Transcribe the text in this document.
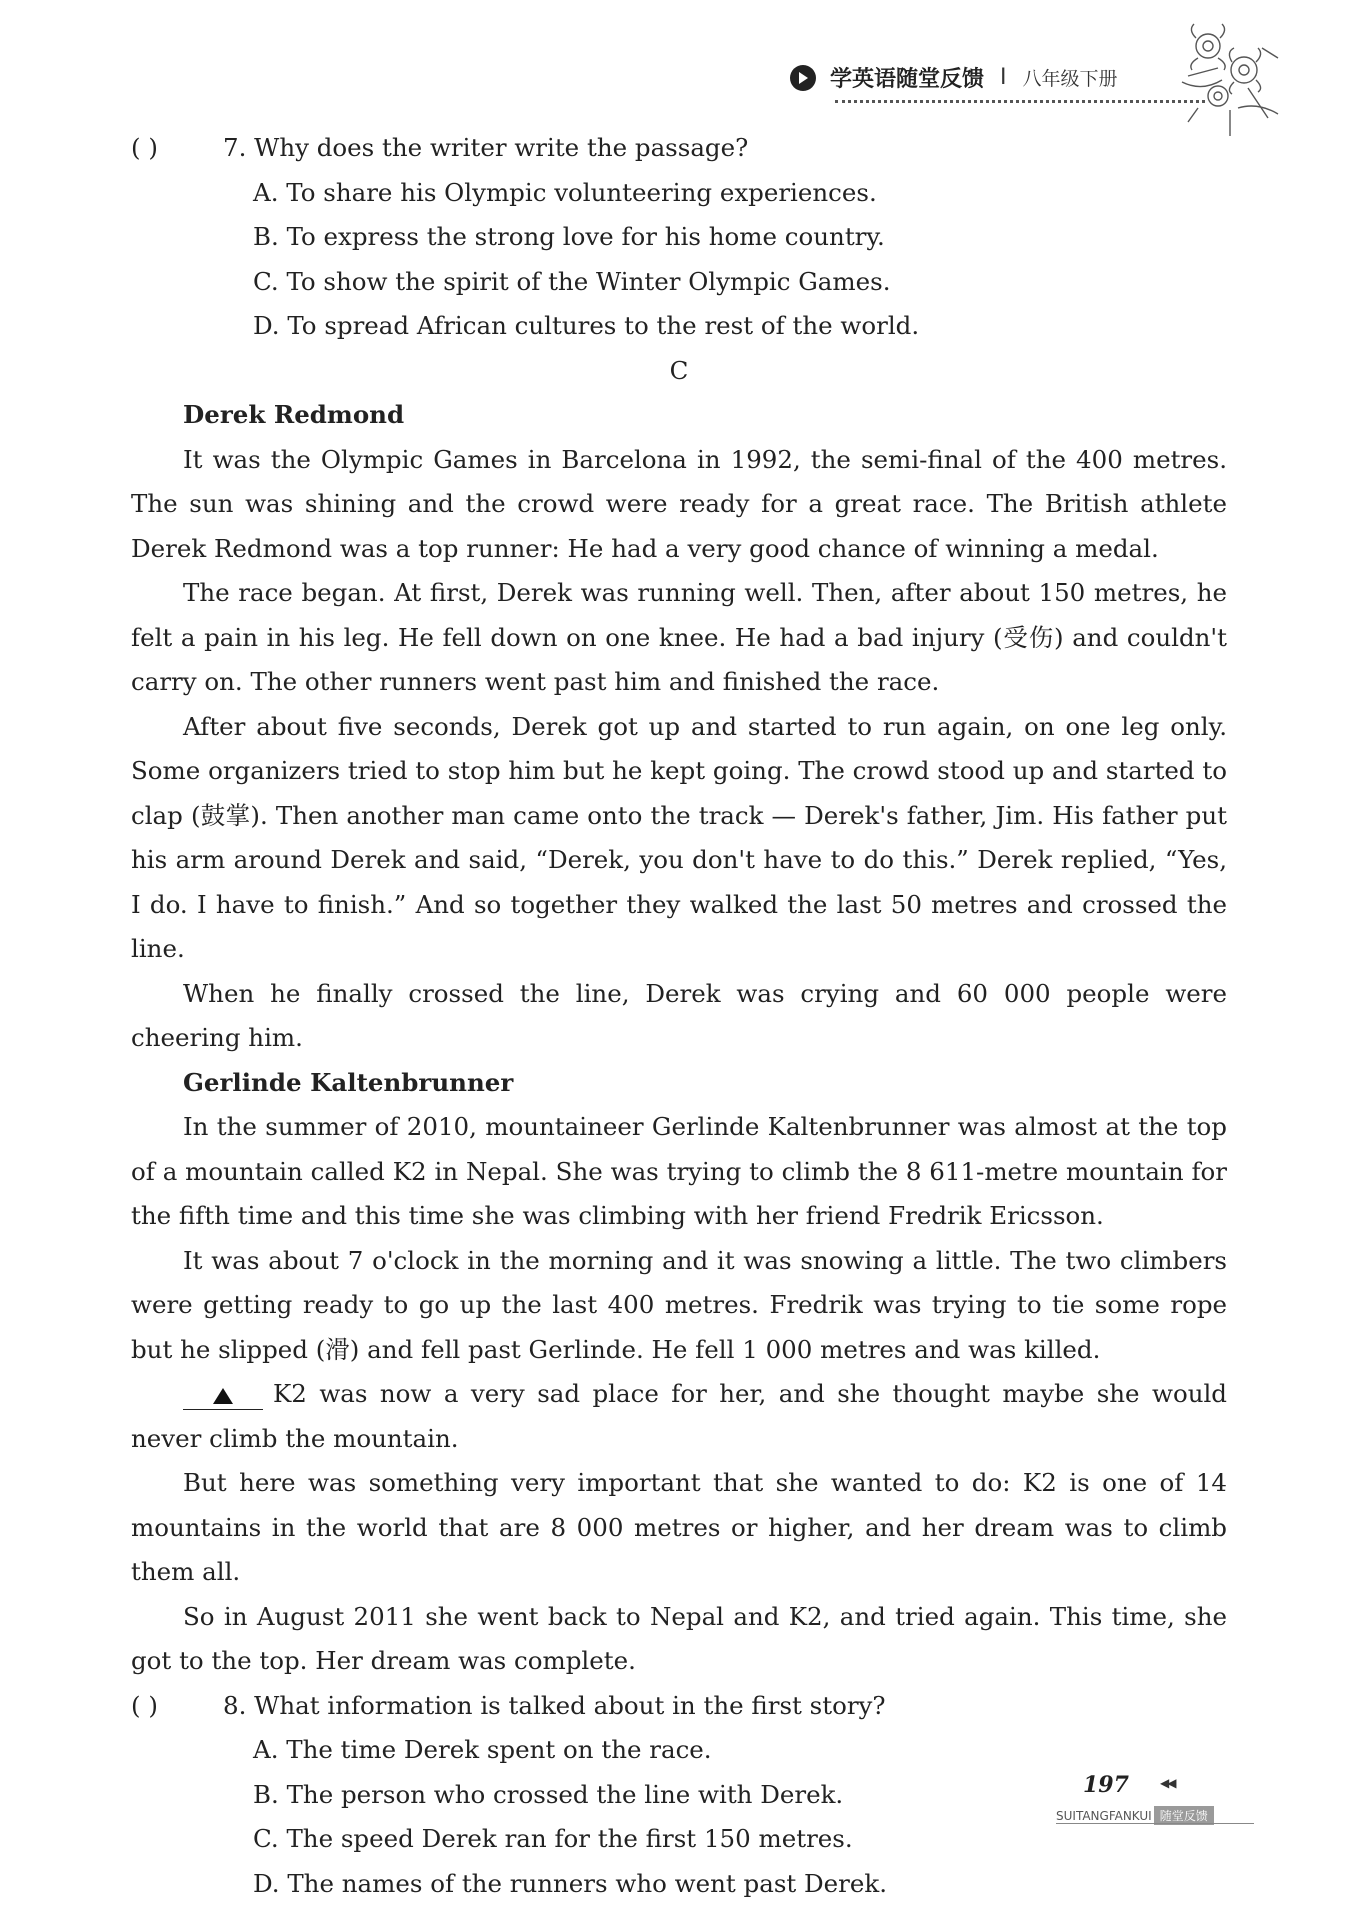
学英语随堂反馈 I 八年级下册
( )	7. Why does the writer write the passage?
A. To share his Olympic volunteering experiences.
B. To express the strong love for his home country.
C. To show the spirit of the Winter Olympic Games.
D. To spread African cultures to the rest of the world.
C
Derek Redmond

It was the Olympic Games in Barcelona in 1992, the semi-final of the 400 metres. The sun was shining and the crowd were ready for a great race. The British athlete Derek Redmond was a top runner: He had a very good chance of winning a medal.

The race began. At first, Derek was running well. Then, after about 150 metres, he felt a pain in his leg. He fell down on one knee. He had a bad injury (受伤) and couldn't carry on. The other runners went past him and finished the race.

After about five seconds, Derek got up and started to run again, on one leg only. Some organizers tried to stop him but he kept going. The crowd stood up and started to clap (鼓掌). Then another man came onto the track — Derek's father, Jim. His father put his arm around Derek and said, “Derek, you don't have to do this.” Derek replied, “Yes, I do. I have to finish.” And so together they walked the last 50 metres and crossed the line.

When he finally crossed the line, Derek was crying and 60 000 people were cheering him.

Gerlinde Kaltenbrunner

In the summer of 2010, mountaineer Gerlinde Kaltenbrunner was almost at the top of a mountain called K2 in Nepal. She was trying to climb the 8 611-metre mountain for the fifth time and this time she was climbing with her friend Fredrik Ericsson.

It was about 7 o'clock in the morning and it was snowing a little. The two climbers were getting ready to go up the last 400 metres. Fredrik was trying to tie some rope but he slipped (滑) and fell past Gerlinde. He fell 1 000 metres and was killed.

K2 was now a very sad place for her, and she thought maybe she would never climb the mountain.

But here was something very important that she wanted to do: K2 is one of 14 mountains in the world that are 8 000 metres or higher, and her dream was to climb them all.

So in August 2011 she went back to Nepal and K2, and tried again. This time, she got to the top. Her dream was complete.

( )	8. What information is talked about in the first story?
A. The time Derek spent on the race.
B. The person who crossed the line with Derek.
C. The speed Derek ran for the first 150 metres.
D. The names of the runners who went past Derek.
197	◀◀
SUITANGFANKUI 随堂反馈
